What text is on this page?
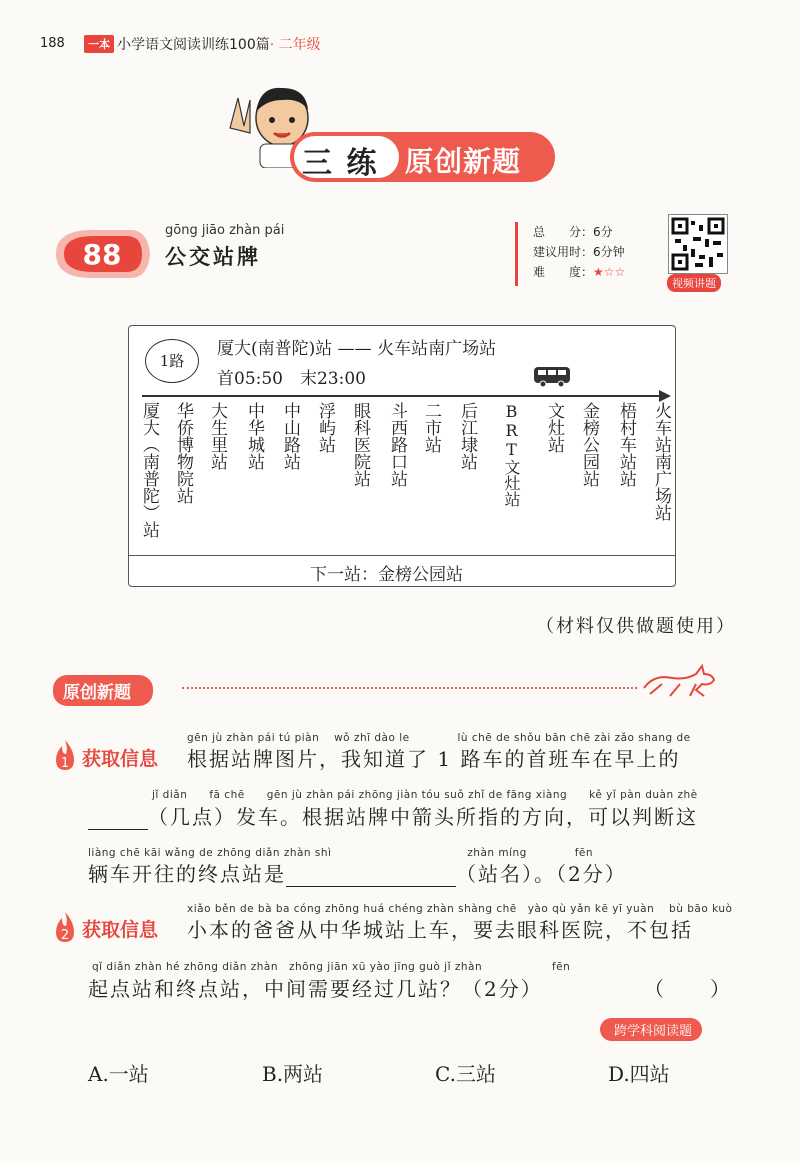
188	一本 小学语文阅读训练100篇· 二年级
三 练 原创新题
88
gōng jiāo zhàn pái
公交站牌
总　　分：6分
建议用时：6分钟
难　　度：★☆☆
视频讲题
1路
厦大(南普陀)站 —— 火车站南广场站
首05:50　末23:00
厦大（南普陀）站 华侨博物院站 大生里站 中华城站 中山路站 浮屿站 眼科医院站 斗西路口站 二市站 后江埭站 BRT文灶站 文灶站 金榜公园站 梧村车站站 火车站南广场站
下一站：金榜公园站
（材料仅供做题使用）
原创新题
1 获取信息
gēn jù zhàn pái tú piàn　 wǒ zhī dào le　　　　 lù chē de shǒu bān chē zài zǎo shang de
根据站牌图片，我知道了 1 路车的首班车在早上的
jǐ diǎn　　fā chē　　gēn jù zhàn pái zhōng jiàn tóu suǒ zhǐ de fāng xiàng　　kě yǐ pàn duàn zhè
（几点）发车。根据站牌中箭头所指的方向，可以判断这
liàng chē kāi wǎng de zhōng diǎn zhàn shì　　　　　　　　　　　　 zhàn míng　　　　 fēn
辆车开往的终点站是	（站名）。（2分）
2 获取信息
xiǎo běn de bà ba cóng zhōng huá chéng zhàn shàng chē　yào qù yǎn kē yī yuàn　 bù bāo kuò
小本的爸爸从中华城站上车，要去眼科医院，不包括
qǐ diǎn zhàn hé zhōng diǎn zhàn　zhōng jiān xū yào jīng guò jǐ zhàn　　　　　　 fēn
起点站和终点站，中间需要经过几站？（2分）	（　　）
跨学科阅读题
A.一站	B.两站	C.三站	D.四站
